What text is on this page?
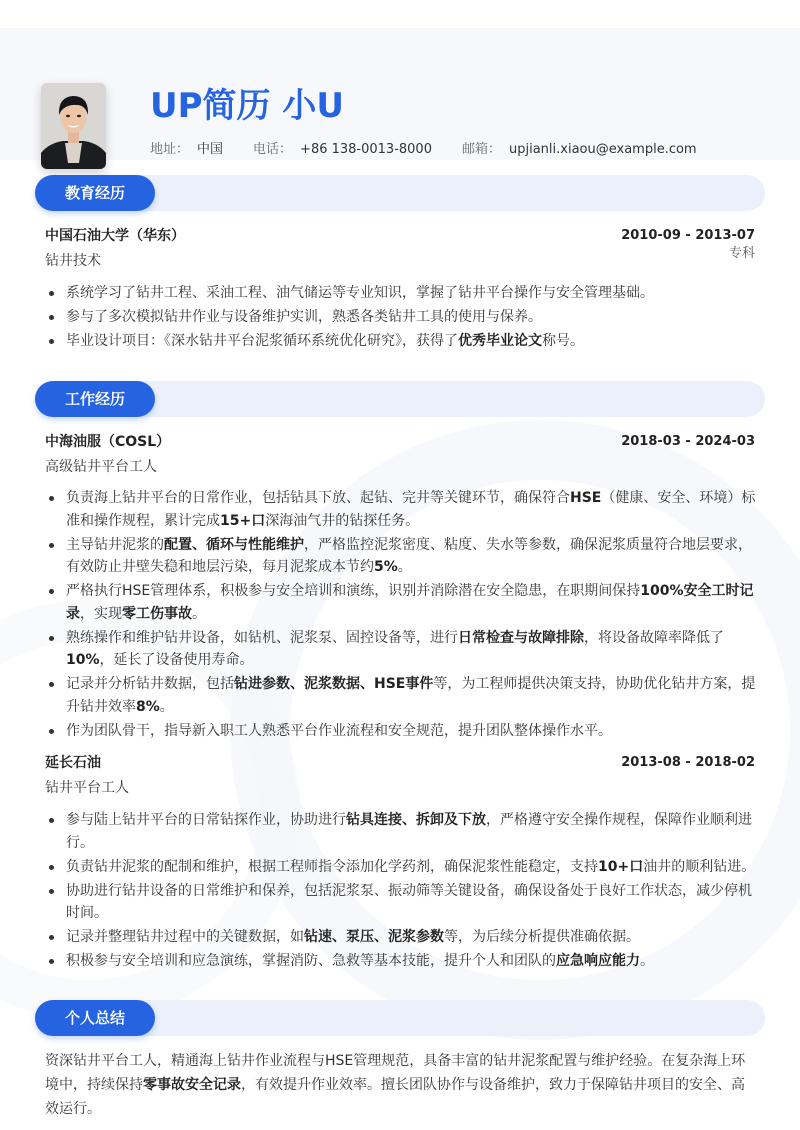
UP简历 小U
地址： 中国 电话： +86 138-0013-8000 邮箱： upjianli.xiaou@example.com
教育经历
中国石油大学（华东）	2010-09 - 2013-07
钻井技术	专科
系统学习了钻井工程、采油工程、油气储运等专业知识，掌握了钻井平台操作与安全管理基础。
参与了多次模拟钻井作业与设备维护实训，熟悉各类钻井工具的使用与保养。
毕业设计项目：《深水钻井平台泥浆循环系统优化研究》，获得了优秀毕业论文称号。
工作经历
中海油服（COSL）	2018-03 - 2024-03
高级钻井平台工人
负责海上钻井平台的日常作业，包括钻具下放、起钻、完井等关键环节，确保符合HSE（健康、安全、环境）标准和操作规程，累计完成15+口深海油气井的钻探任务。
主导钻井泥浆的配置、循环与性能维护，严格监控泥浆密度、粘度、失水等参数，确保泥浆质量符合地层要求，有效防止井壁失稳和地层污染，每月泥浆成本节约5%。
严格执行HSE管理体系，积极参与安全培训和演练，识别并消除潜在安全隐患，在职期间保持100%安全工时记录，实现零工伤事故。
熟练操作和维护钻井设备，如钻机、泥浆泵、固控设备等，进行日常检查与故障排除，将设备故障率降低了10%，延长了设备使用寿命。
记录并分析钻井数据，包括钻进参数、泥浆数据、HSE事件等，为工程师提供决策支持，协助优化钻井方案，提升钻井效率8%。
作为团队骨干，指导新入职工人熟悉平台作业流程和安全规范，提升团队整体操作水平。
延长石油	2013-08 - 2018-02
钻井平台工人
参与陆上钻井平台的日常钻探作业，协助进行钻具连接、拆卸及下放，严格遵守安全操作规程，保障作业顺利进行。
负责钻井泥浆的配制和维护，根据工程师指令添加化学药剂，确保泥浆性能稳定，支持10+口油井的顺利钻进。
协助进行钻井设备的日常维护和保养，包括泥浆泵、振动筛等关键设备，确保设备处于良好工作状态，减少停机时间。
记录并整理钻井过程中的关键数据，如钻速、泵压、泥浆参数等，为后续分析提供准确依据。
积极参与安全培训和应急演练，掌握消防、急救等基本技能，提升个人和团队的应急响应能力。
个人总结
资深钻井平台工人，精通海上钻井作业流程与HSE管理规范，具备丰富的钻井泥浆配置与维护经验。在复杂海上环境中，持续保持零事故安全记录，有效提升作业效率。擅长团队协作与设备维护，致力于保障钻井项目的安全、高效运行。
